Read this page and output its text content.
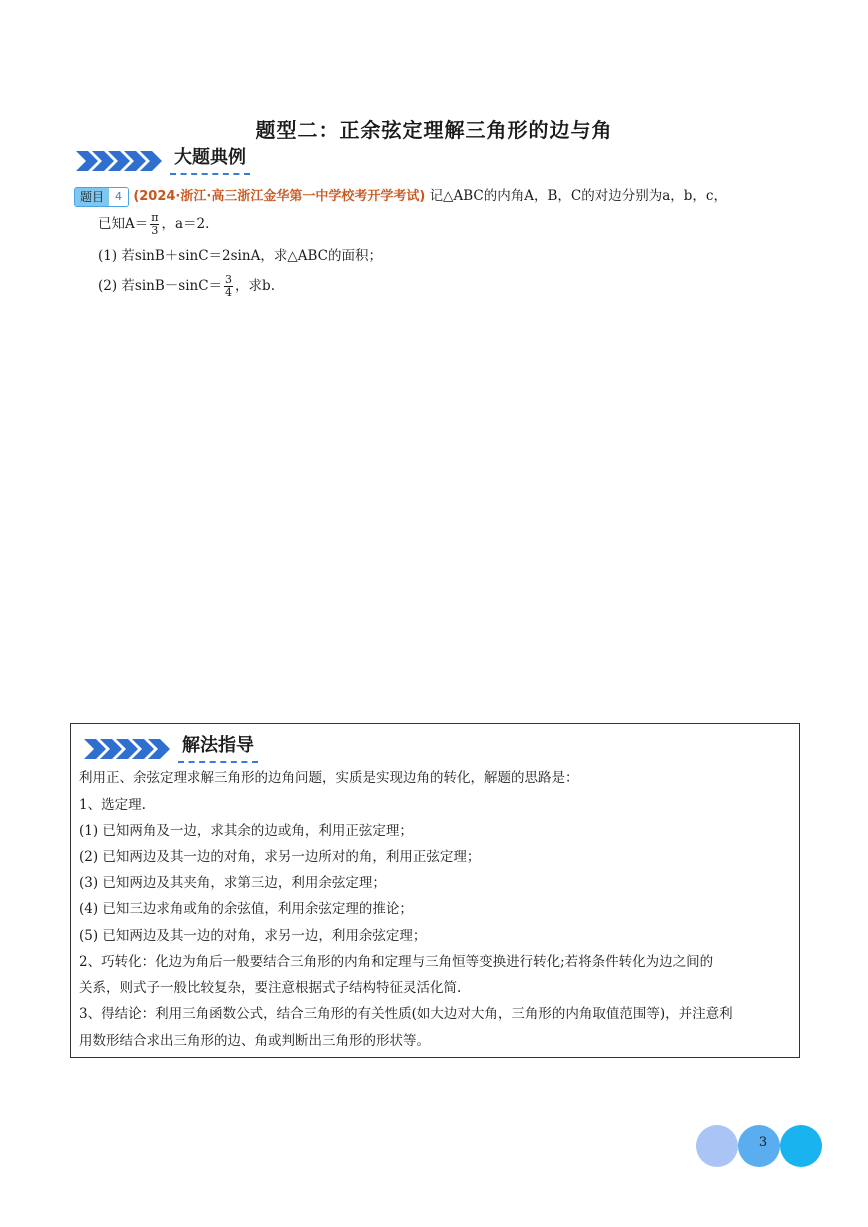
题型二：正余弦定理解三角形的边与角
大题典例
题目	4 (2024·浙江·高三浙江金华第一中学校考开学考试) 记△ABC的内角A，B，C的对边分别为a，b，c，
已知$A= \frac{\pi}{3}$ ，a＝2.
(1) 若sinB＋sinC＝2sinA，求△ABC的面积；
(2) 若$\sin B-\sin C= \frac{3}{4}$ ，求b.
解法指导
利用正、余弦定理求解三角形的边角问题，实质是实现边角的转化，解题的思路是：
1、选定理.
(1) 已知两角及一边，求其余的边或角，利用正弦定理；
(2) 已知两边及其一边的对角，求另一边所对的角，利用正弦定理；
(3) 已知两边及其夹角，求第三边，利用余弦定理；
(4) 已知三边求角或角的余弦值，利用余弦定理的推论；
(5) 已知两边及其一边的对角，求另一边，利用余弦定理；
2、巧转化：化边为角后一般要结合三角形的内角和定理与三角恒等变换进行转化;若将条件转化为边之间的
关系，则式子一般比较复杂，要注意根据式子结构特征灵活化简.
3、得结论：利用三角函数公式，结合三角形的有关性质(如大边对大角，三角形的内角取值范围等)，并注意利
用数形结合求出三角形的边、角或判断出三角形的形状等。
3
